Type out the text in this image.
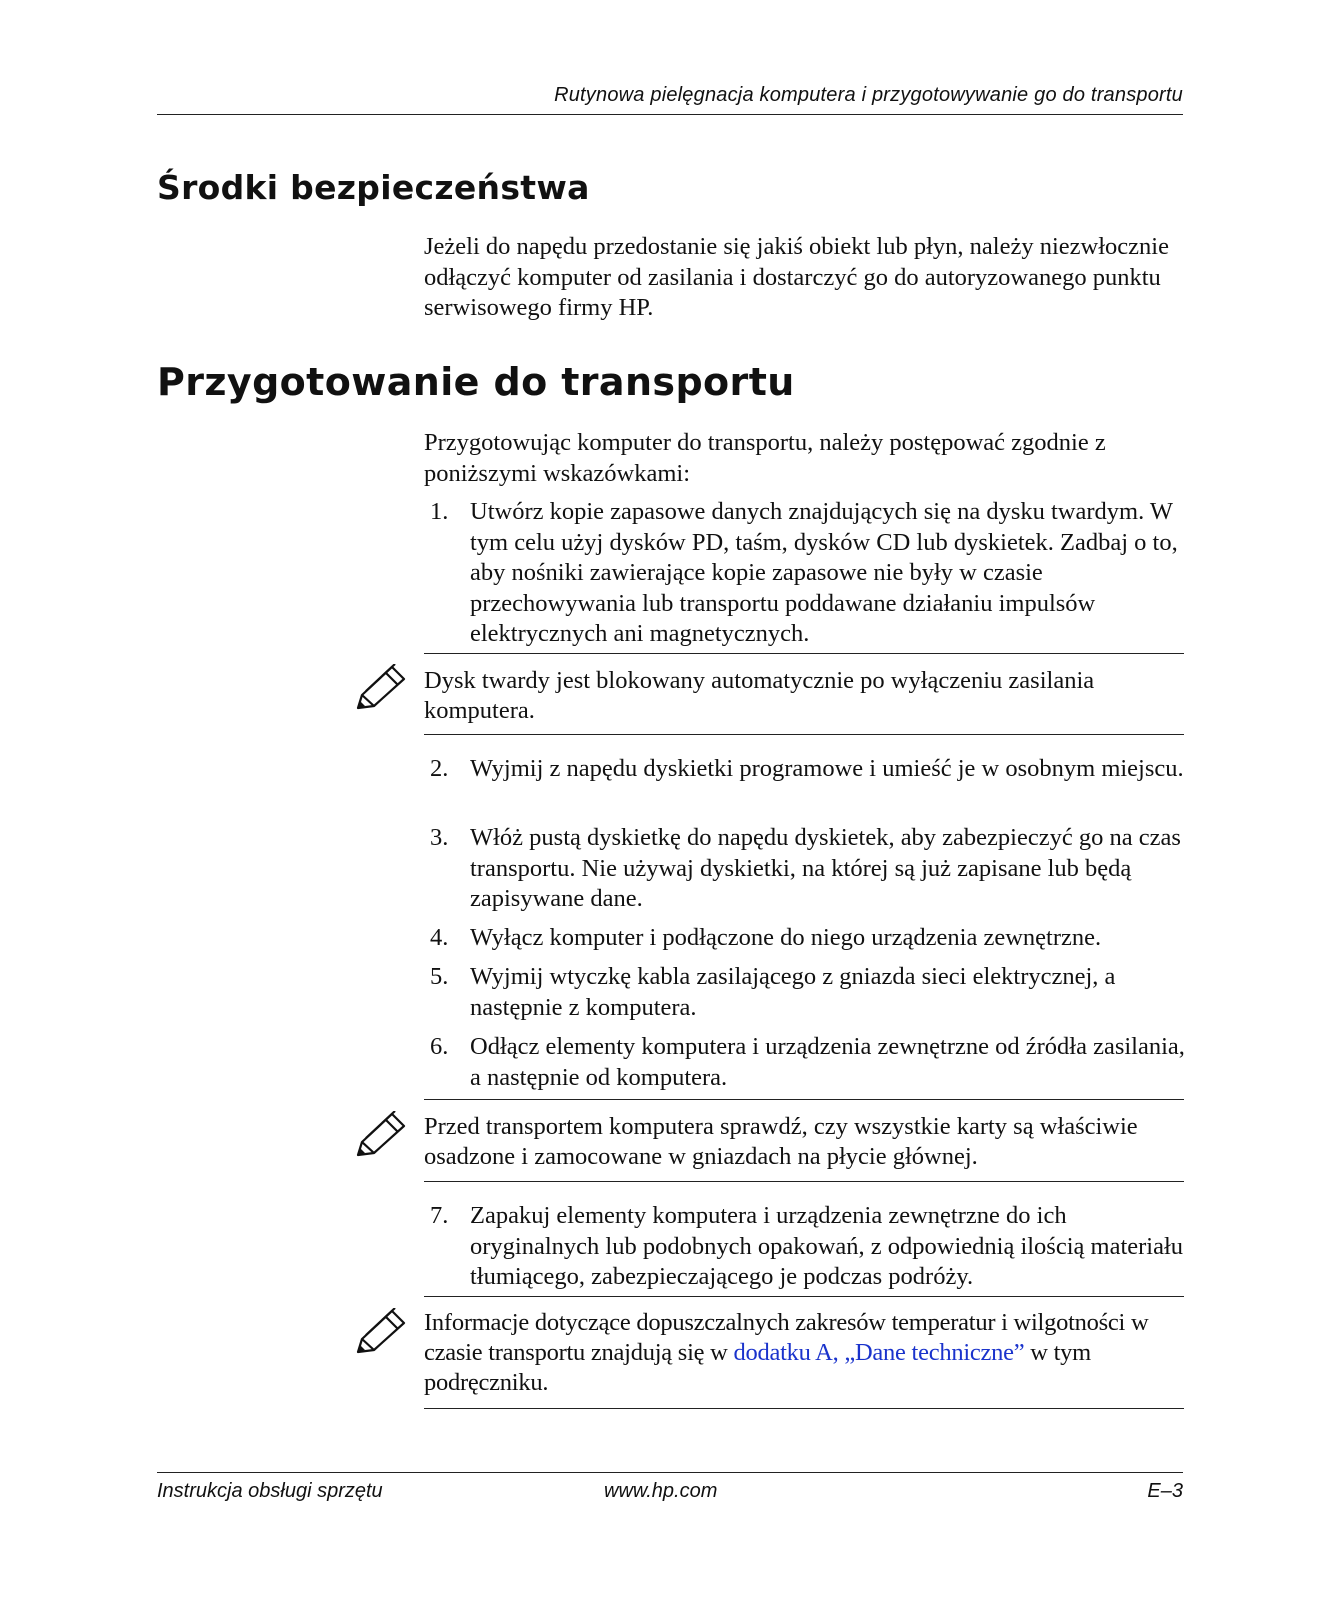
Rutynowa pielęgnacja komputera i przygotowywanie go do transportu
Środki bezpieczeństwa
Jeżeli do napędu przedostanie się jakiś obiekt lub płyn, należy niezwłocznie odłączyć komputer od zasilania i dostarczyć go do autoryzowanego punktu serwisowego firmy HP.
Przygotowanie do transportu
Przygotowując komputer do transportu, należy postępować zgodnie z poniższymi wskazówkami:
1. Utwórz kopie zapasowe danych znajdujących się na dysku twardym. W tym celu użyj dysków PD, taśm, dysków CD lub dyskietek. Zadbaj o to, aby nośniki zawierające kopie zapasowe nie były w czasie przechowywania lub transportu poddawane działaniu impulsów elektrycznych ani magnetycznych.
Dysk twardy jest blokowany automatycznie po wyłączeniu zasilania komputera.
2. Wyjmij z napędu dyskietki programowe i umieść je w osobnym miejscu.
3. Włóż pustą dyskietkę do napędu dyskietek, aby zabezpieczyć go na czas transportu. Nie używaj dyskietki, na której są już zapisane lub będą zapisywane dane.
4. Wyłącz komputer i podłączone do niego urządzenia zewnętrzne.
5. Wyjmij wtyczkę kabla zasilającego z gniazda sieci elektrycznej, a następnie z komputera.
6. Odłącz elementy komputera i urządzenia zewnętrzne od źródła zasilania, a następnie od komputera.
Przed transportem komputera sprawdź, czy wszystkie karty są właściwie osadzone i zamocowane w gniazdach na płycie głównej.
7. Zapakuj elementy komputera i urządzenia zewnętrzne do ich oryginalnych lub podobnych opakowań, z odpowiednią ilością materiału tłumiącego, zabezpieczającego je podczas podróży.
Informacje dotyczące dopuszczalnych zakresów temperatur i wilgotności w czasie transportu znajdują się w dodatku A, „Dane techniczne” w tym podręczniku.
Instrukcja obsługi sprzętu	www.hp.com	E–3
